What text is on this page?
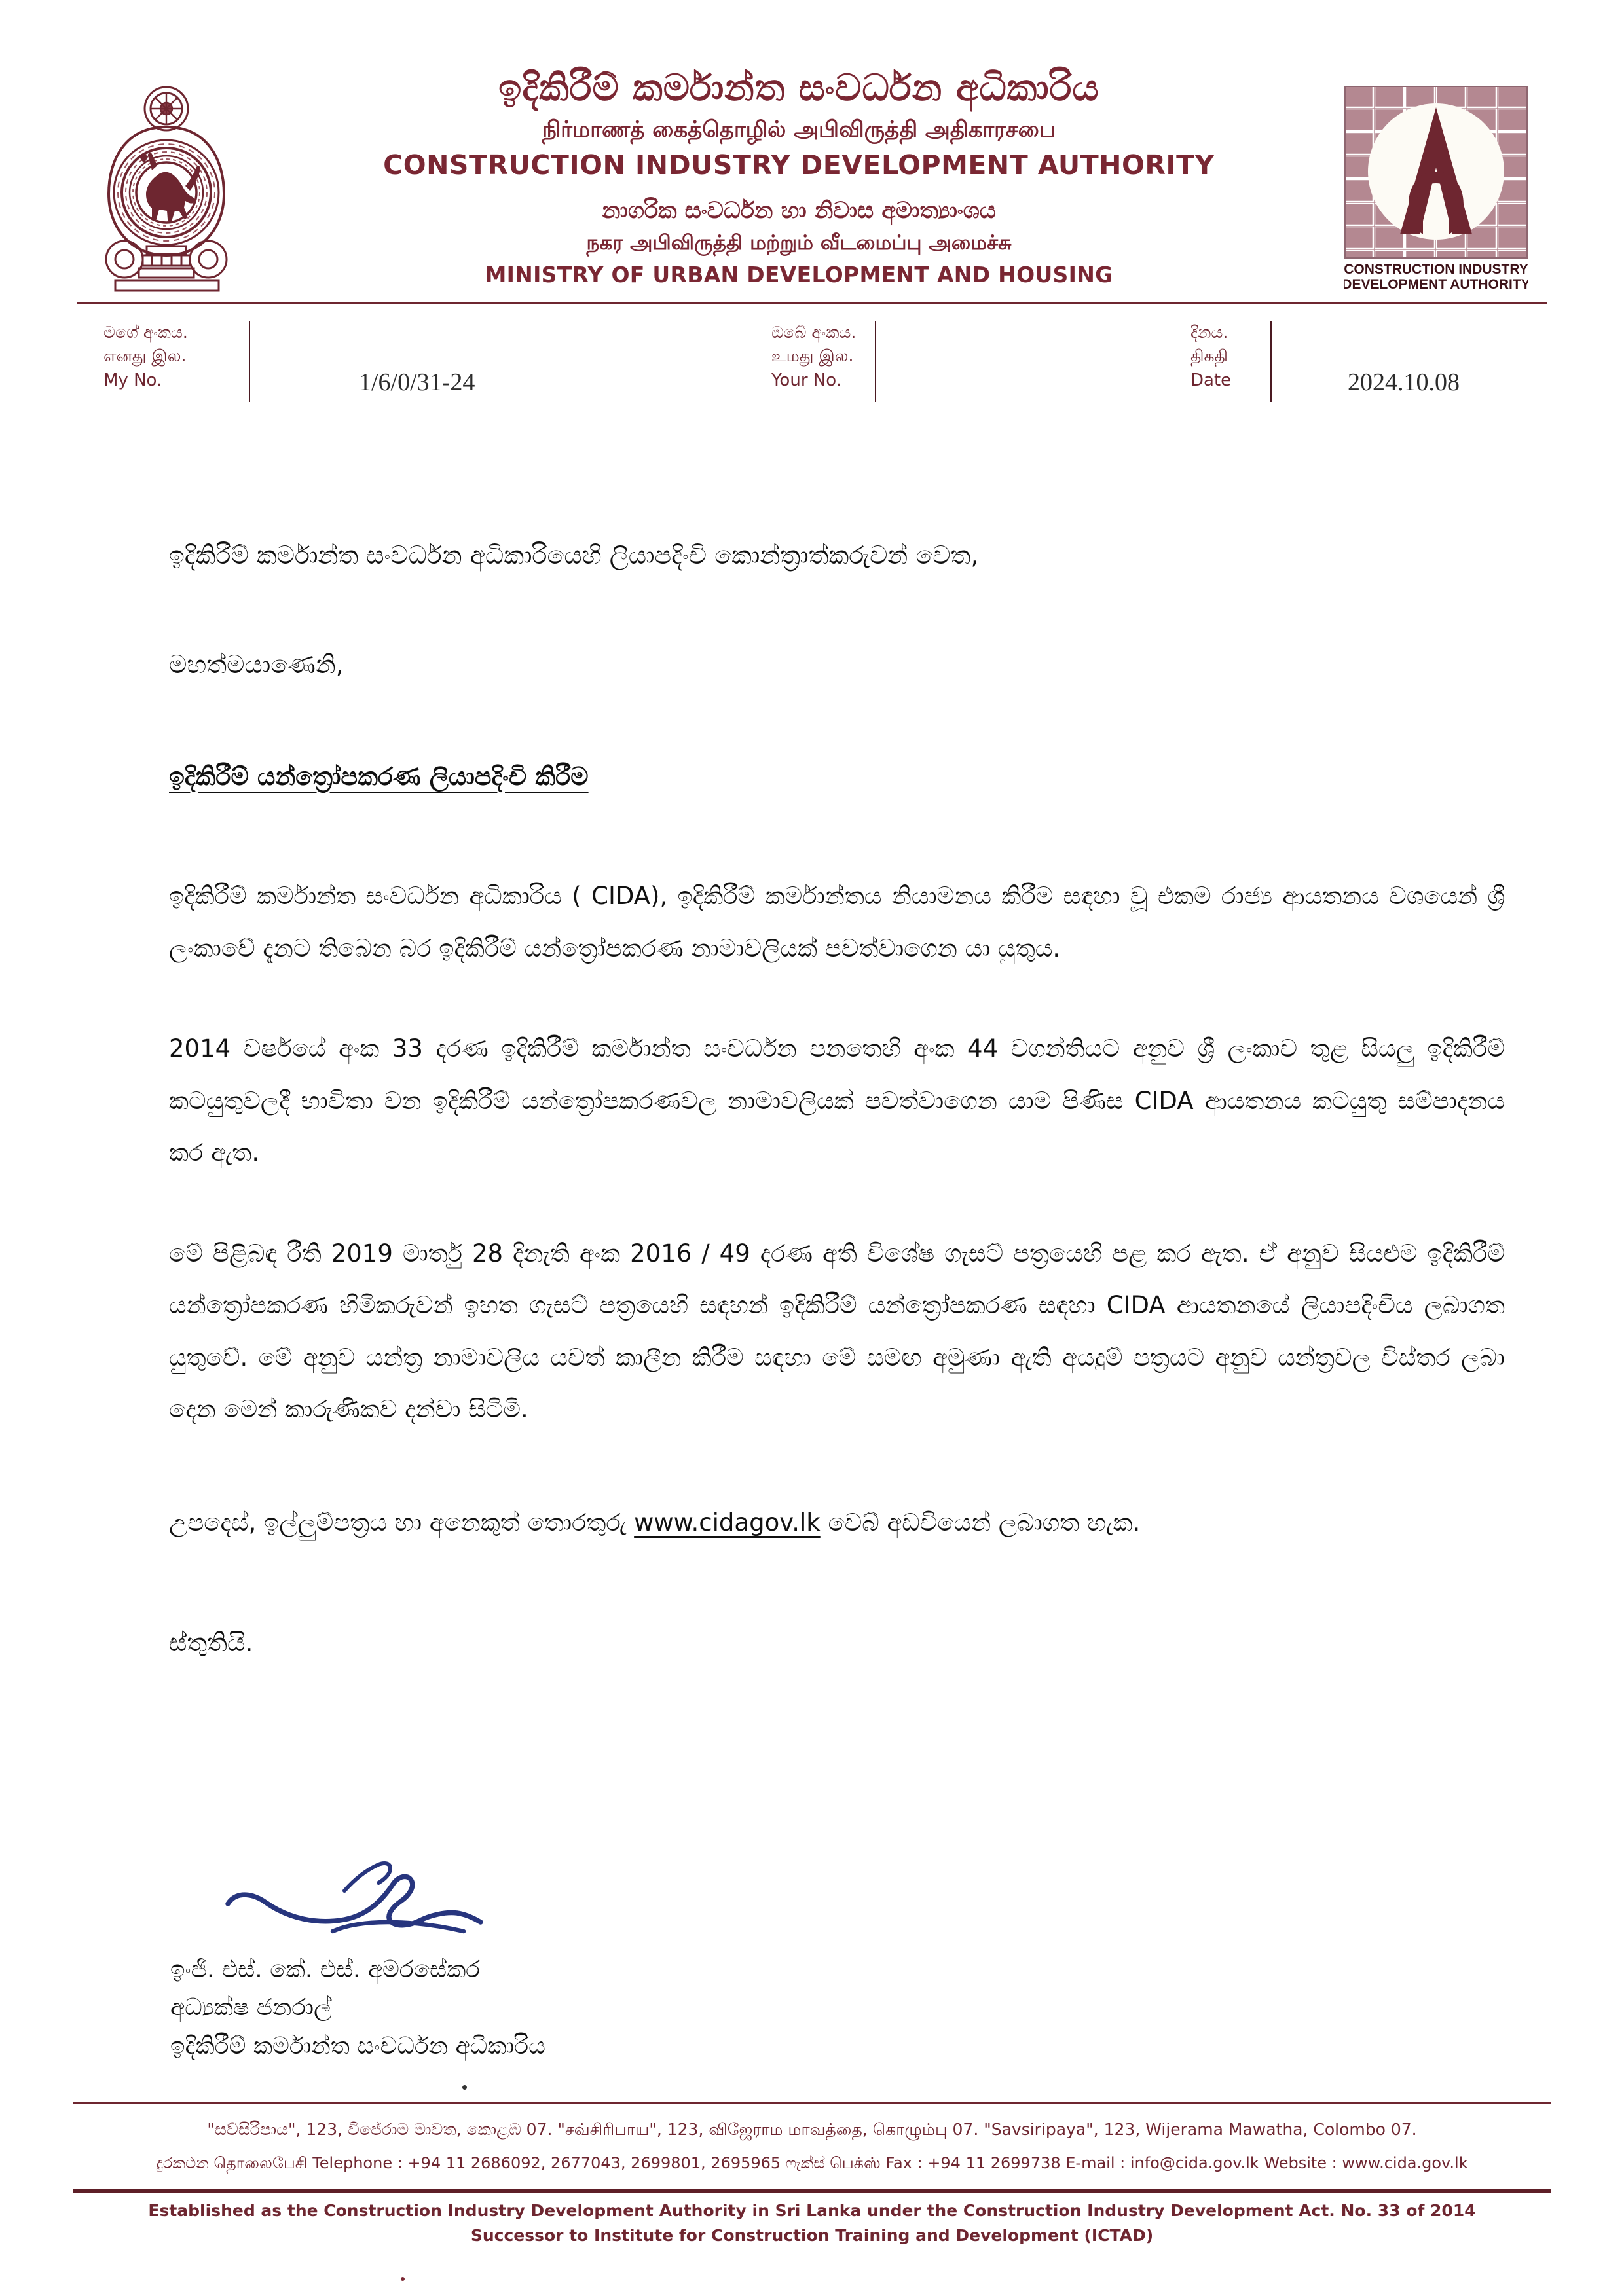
ඉදිකිරීම් කර්මාන්ත සංවර්ධන අධිකාරිය
நிர்மாணத் கைத்தொழில் அபிவிருத்தி அதிகாரசபை
CONSTRUCTION INDUSTRY DEVELOPMENT AUTHORITY
නාගරික සංවර්ධන හා නිවාස අමාත්‍යාංශය
நகர அபிவிருத்தி மற்றும் வீடமைப்பு அமைச்சு
MINISTRY OF URBAN DEVELOPMENT AND HOUSING	CONSTRUCTION INDUSTRY
DEVELOPMENT AUTHORITY
මගේ අංකය.
எனது இல.
My No.	1/6/0/31-24
ඔබේ අංකය.
உமது இல.
Your No.
දිනය.
திகதி
Date	2024.10.08
ඉදිකිරීම් කර්මාන්ත සංවර්ධන අධිකාරියෙහි ලියාපදිංචි කොන්ත්‍රාත්කරුවන් වෙත,
මහත්මයාණෙනි,
ඉදිකිරීම් යන්ත්‍රෝපකරණ ලියාපදිංචි කිරීම

ඉදිකිරීම් කර්මාන්ත සංවර්ධන අධිකාරිය ( CIDA), ඉදිකිරීම් කර්මාන්තය නියාමනය කිරීම සඳහා වූ එකම රාජ්‍ය ආයතනය වශයෙන් ශ්‍රී ලංකාවේ දැනට තිබෙන බර ඉදිකිරීම් යන්ත්‍රෝපකරණ නාමාවලියක් පවත්වාගෙන යා යුතුය.

2014 වර්ෂයේ අංක 33 දරණ ඉදිකිරීම් කර්මාන්ත සංවර්ධන පනතෙහි අංක 44 වගන්තියට අනුව ශ්‍රී ලංකාව තුළ සියලු ඉදිකිරීම් කටයුතුවලදී භාවිතා වන ඉදිකිරීම් යන්ත්‍රෝපකරණවල නාමාවලියක් පවත්වාගෙන යාම පිණිස CIDA ආයතනය කටයුතු සම්පාදනය කර ඇත.

මේ පිළිබඳ රීති 2019 මාර්තු 28 දිනැති අංක 2016 / 49 දරණ අති විශේෂ ගැසට් පත්‍රයෙහි පළ කර ඇත. ඒ අනුව සියළුම ඉදිකිරීම් යන්ත්‍රෝපකරණ හිමිකරුවන් ඉහත ගැසට් පත්‍රයෙහි සඳහන් ඉදිකිරීම් යන්ත්‍රෝපකරණ සඳහා CIDA ආයතනයේ ලියාපදිංචිය ලබාගත යුතුවේ. මේ අනුව යන්ත්‍ර නාමාවලිය යවත් කාලීන කිරීම සඳහා මේ සමඟ අමුණා ඇති අයදුම් පත්‍රයට අනුව යන්ත්‍රවල විස්තර ලබා දෙන මෙන් කාරුණිකව දන්වා සිටිමි.

උපදෙස්, ඉල්ලුම්පත්‍රය හා අනෙකුත් තොරතුරු www.cidagov.lk වෙබ් අඩවියෙන් ලබාගත හැක.
ස්තුතියි.
ඉංජි. එස්. කේ. එස්. අමරසේකර
අධ්‍යක්ෂ ජනරාල්
ඉදිකිරීම් කර්මාන්ත සංවර්ධන අධිකාරිය
"සව්සිරිපාය", 123, විජේරාම මාවත, කොළඹ 07. "சவ்சிரிபாய", 123, விஜேராம மாவத்தை, கொழும்பு 07. "Savsiripaya", 123, Wijerama Mawatha, Colombo 07.
දුරකථන தொலைபேசி Telephone : +94 11 2686092, 2677043, 2699801, 2695965 ෆැක්ස් பெக்ஸ் Fax : +94 11 2699738 E-mail : info@cida.gov.lk Website : www.cida.gov.lk
Established as the Construction Industry Development Authority in Sri Lanka under the Construction Industry Development Act. No. 33 of 2014
Successor to Institute for Construction Training and Development (ICTAD)
